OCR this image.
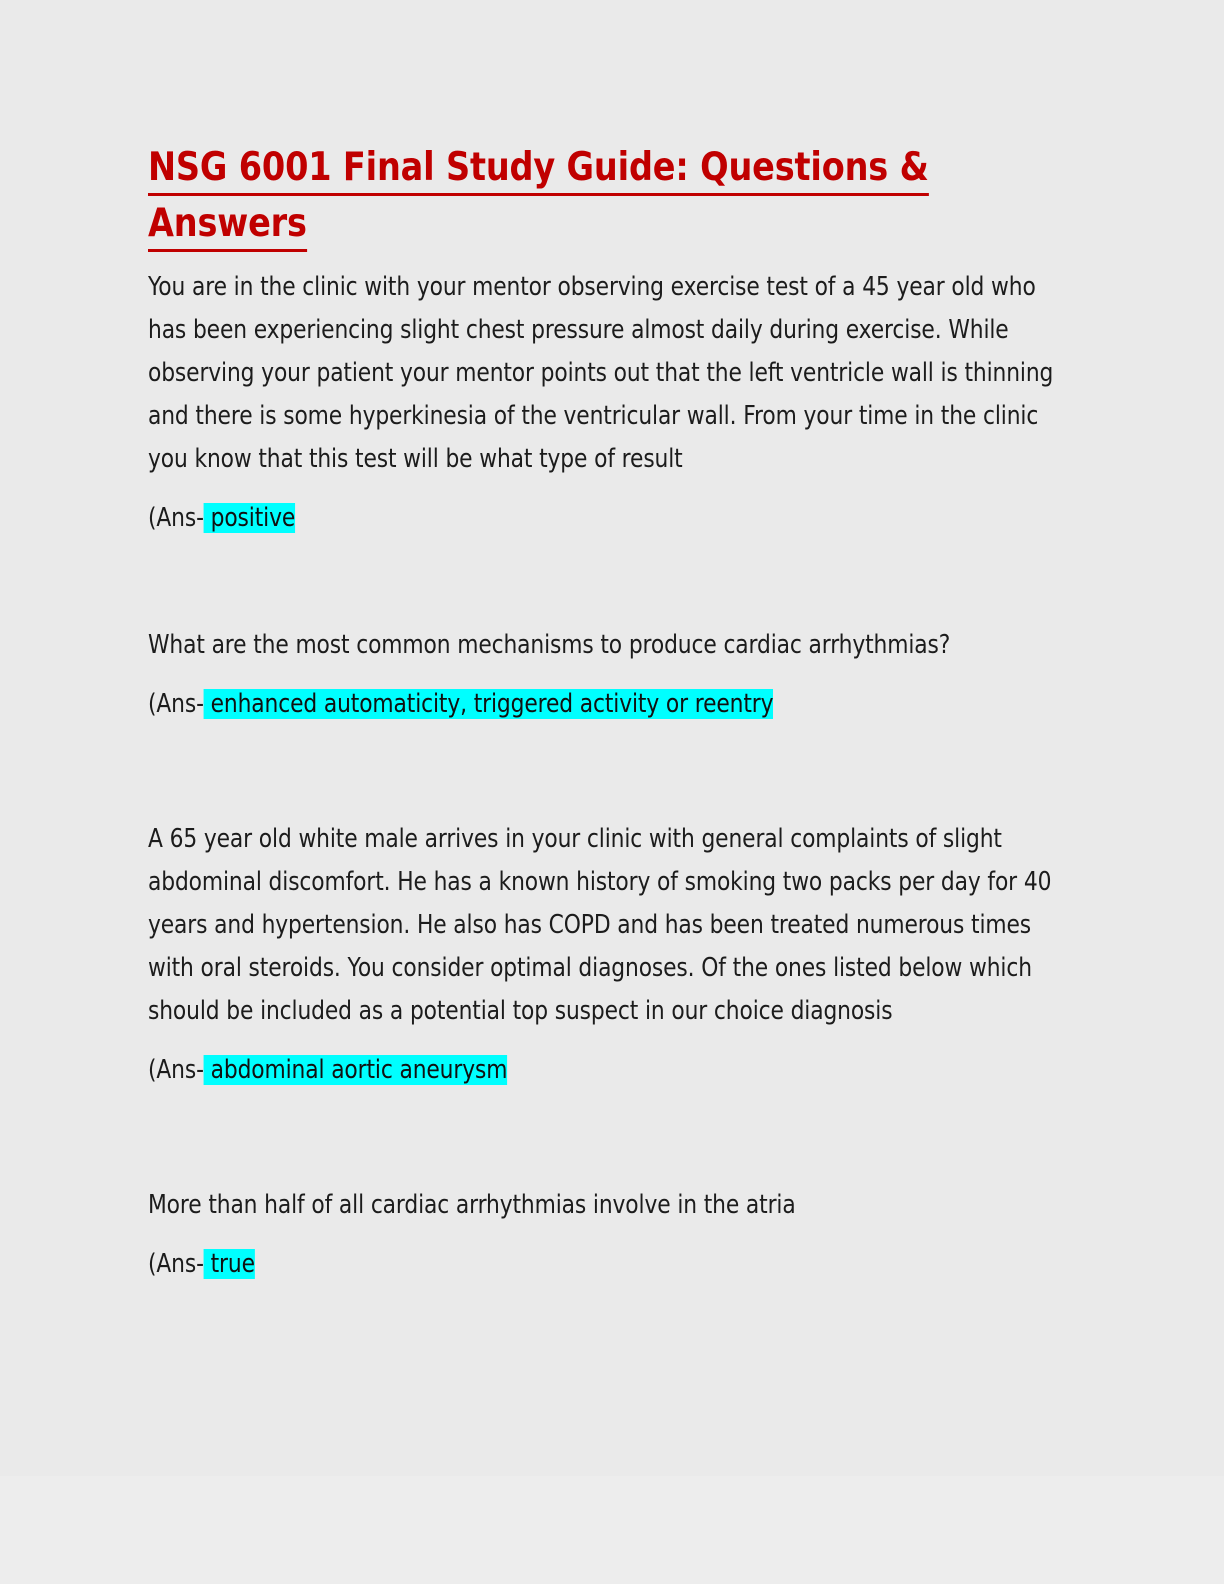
NSG 6001 Final Study Guide: Questions &
Answers

You are in the clinic with your mentor observing exercise test of a 45 year old who has been experiencing slight chest pressure almost daily during exercise. While observing your patient your mentor points out that the left ventricle wall is thinning and there is some hyperkinesia of the ventricular wall. From your time in the clinic you know that this test will be what type of result

(Ans- positive

What are the most common mechanisms to produce cardiac arrhythmias?

(Ans- enhanced automaticity, triggered activity or reentry

A 65 year old white male arrives in your clinic with general complaints of slight abdominal discomfort. He has a known history of smoking two packs per day for 40 years and hypertension. He also has COPD and has been treated numerous times with oral steroids. You consider optimal diagnoses. Of the ones listed below which should be included as a potential top suspect in our choice diagnosis

(Ans- abdominal aortic aneurysm

More than half of all cardiac arrhythmias involve in the atria

(Ans- true
